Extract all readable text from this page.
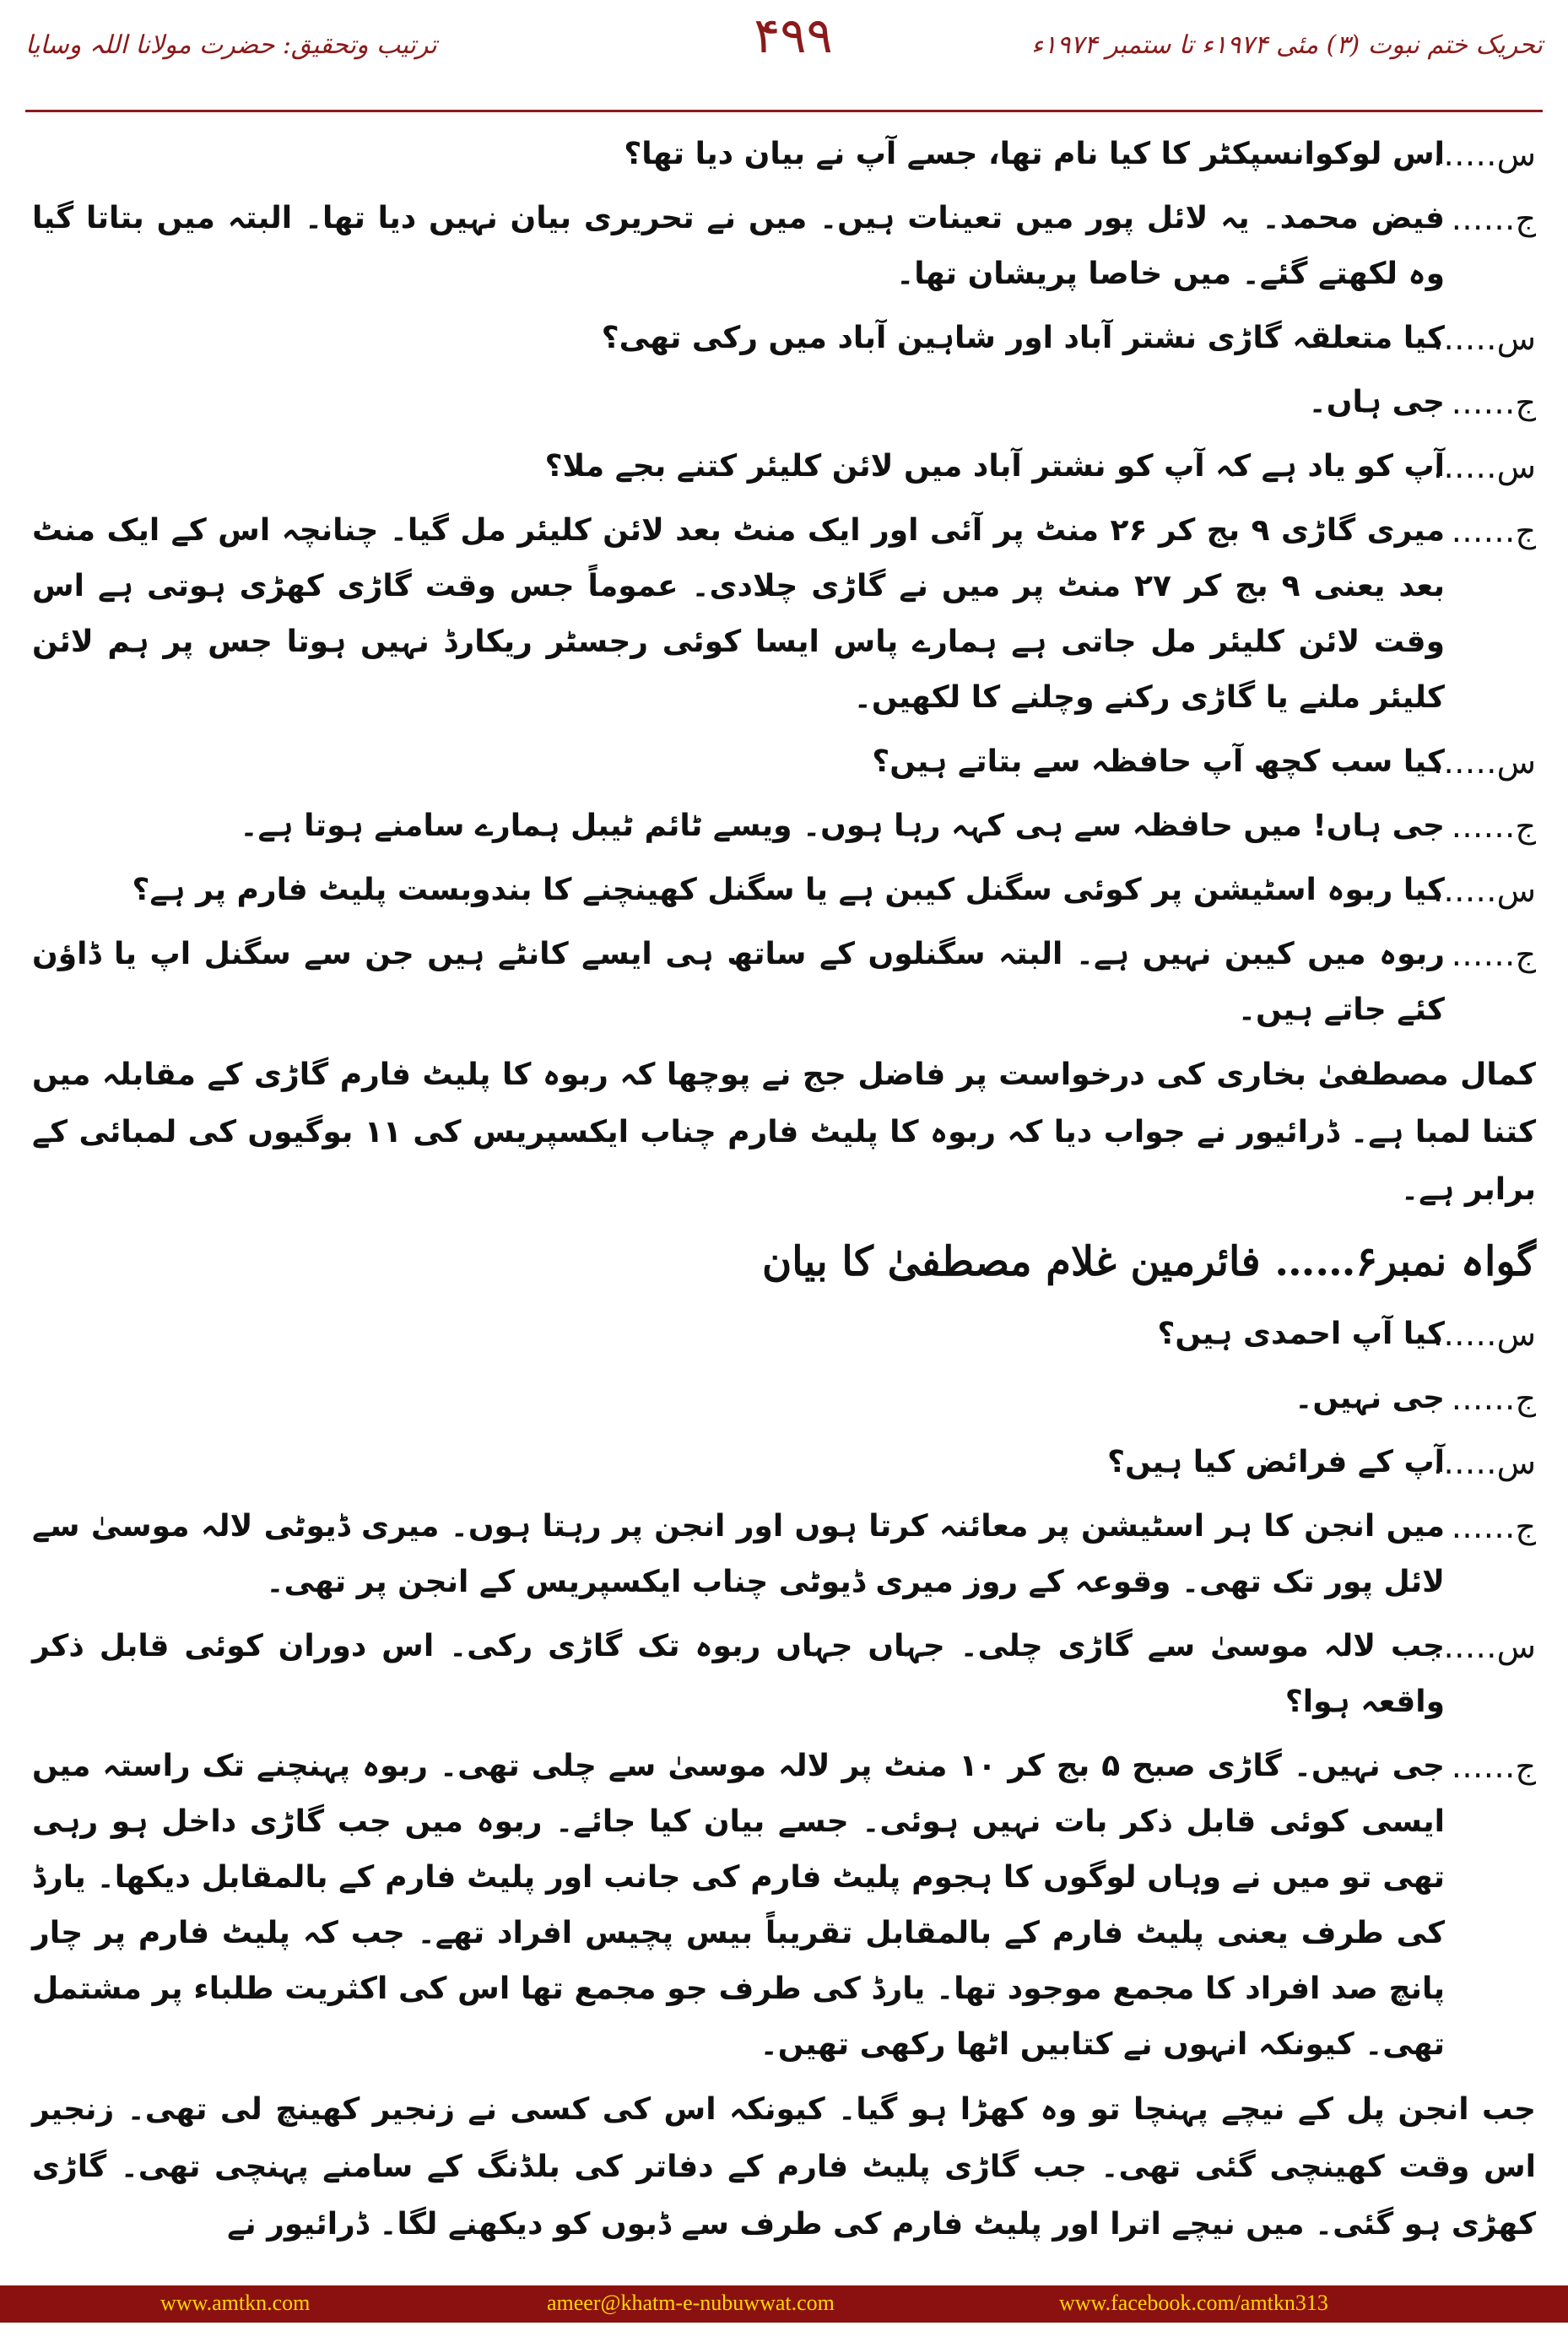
ترتیب وتحقیق: حضرت مولانا اللہ وسایا	۴۹۹	تحریک ختم نبوت (۳) مئی ۱۹۷۴ء تا ستمبر ۱۹۷۴ء
س……
اس لوکوانسپکٹر کا کیا نام تھا، جسے آپ نے بیان دیا تھا؟
ج……
فیض محمد۔ یہ لائل پور میں تعینات ہیں۔ میں نے تحریری بیان نہیں دیا تھا۔ البتہ میں بتاتا گیا وہ لکھتے گئے۔ میں خاصا پریشان تھا۔
س……
کیا متعلقہ گاڑی نشتر آباد اور شاہین آباد میں رکی تھی؟
ج……
جی ہاں۔
س……
آپ کو یاد ہے کہ آپ کو نشتر آباد میں لائن کلیئر کتنے بجے ملا؟
ج……
میری گاڑی ۹ بج کر ۲۶ منٹ پر آئی اور ایک منٹ بعد لائن کلیئر مل گیا۔ چنانچہ اس کے ایک منٹ بعد یعنی ۹ بج کر ۲۷ منٹ پر میں نے گاڑی چلادی۔ عموماً جس وقت گاڑی کھڑی ہوتی ہے اس وقت لائن کلیئر مل جاتی ہے ہمارے پاس ایسا کوئی رجسٹر ریکارڈ نہیں ہوتا جس پر ہم لائن کلیئر ملنے یا گاڑی رکنے وچلنے کا لکھیں۔
س……
کیا سب کچھ آپ حافظہ سے بتاتے ہیں؟
ج……
جی ہاں! میں حافظہ سے ہی کہہ رہا ہوں۔ ویسے ٹائم ٹیبل ہمارے سامنے ہوتا ہے۔
س……
کیا ربوہ اسٹیشن پر کوئی سگنل کیبن ہے یا سگنل کھینچنے کا بندوبست پلیٹ فارم پر ہے؟
ج……
ربوہ میں کیبن نہیں ہے۔ البتہ سگنلوں کے ساتھ ہی ایسے کانٹے ہیں جن سے سگنل اپ یا ڈاؤن کئے جاتے ہیں۔

کمال مصطفیٰ بخاری کی درخواست پر فاضل جج نے پوچھا کہ ربوہ کا پلیٹ فارم گاڑی کے مقابلہ میں کتنا لمبا ہے۔ ڈرائیور نے جواب دیا کہ ربوہ کا پلیٹ فارم چناب ایکسپریس کی ۱۱ بوگیوں کی لمبائی کے برابر ہے۔

گواہ نمبر۶…… فائرمین غلام مصطفیٰ کا بیان
س……
کیا آپ احمدی ہیں؟
ج……
جی نہیں۔
س……
آپ کے فرائض کیا ہیں؟
ج……
میں انجن کا ہر اسٹیشن پر معائنہ کرتا ہوں اور انجن پر رہتا ہوں۔ میری ڈیوٹی لالہ موسیٰ سے لائل پور تک تھی۔ وقوعہ کے روز میری ڈیوٹی چناب ایکسپریس کے انجن پر تھی۔
س……
جب لالہ موسیٰ سے گاڑی چلی۔ جہاں جہاں ربوہ تک گاڑی رکی۔ اس دوران کوئی قابل ذکر واقعہ ہوا؟
ج……
جی نہیں۔ گاڑی صبح ۵ بج کر ۱۰ منٹ پر لالہ موسیٰ سے چلی تھی۔ ربوہ پہنچنے تک راستہ میں ایسی کوئی قابل ذکر بات نہیں ہوئی۔ جسے بیان کیا جائے۔ ربوہ میں جب گاڑی داخل ہو رہی تھی تو میں نے وہاں لوگوں کا ہجوم پلیٹ فارم کی جانب اور پلیٹ فارم کے بالمقابل دیکھا۔ یارڈ کی طرف یعنی پلیٹ فارم کے بالمقابل تقریباً بیس پچیس افراد تھے۔ جب کہ پلیٹ فارم پر چار پانچ صد افراد کا مجمع موجود تھا۔ یارڈ کی طرف جو مجمع تھا اس کی اکثریت طلباء پر مشتمل تھی۔ کیونکہ انہوں نے کتابیں اٹھا رکھی تھیں۔

جب انجن پل کے نیچے پہنچا تو وہ کھڑا ہو گیا۔ کیونکہ اس کی کسی نے زنجیر کھینچ لی تھی۔ زنجیر اس وقت کھینچی گئی تھی۔ جب گاڑی پلیٹ فارم کے دفاتر کی بلڈنگ کے سامنے پہنچی تھی۔ گاڑی کھڑی ہو گئی۔ میں نیچے اترا اور پلیٹ فارم کی طرف سے ڈبوں کو دیکھنے لگا۔ ڈرائیور نے

www.amtkn.com	ameer@khatm-e-nubuwwat.com	www.facebook.com/amtkn313
